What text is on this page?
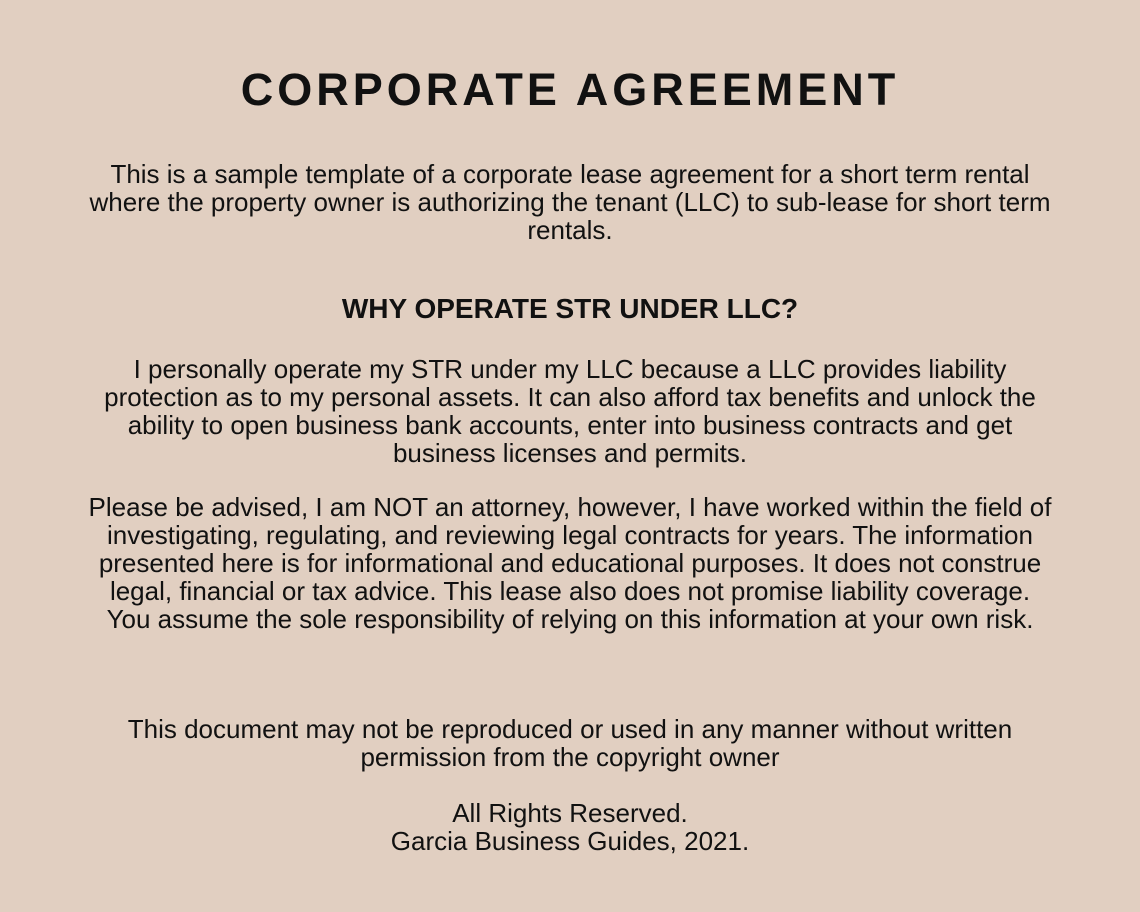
CORPORATE AGREEMENT

This is a sample template of a corporate lease agreement for a short term rental where the property owner is authorizing the tenant (LLC) to sub-lease for short term rentals.

WHY OPERATE STR UNDER LLC?

I personally operate my STR under my LLC because a LLC provides liability protection as to my personal assets. It can also afford tax benefits and unlock the ability to open business bank accounts, enter into business contracts and get business licenses and permits.

Please be advised, I am NOT an attorney, however, I have worked within the field of investigating, regulating, and reviewing legal contracts for years. The information presented here is for informational and educational purposes. It does not construe legal, financial or tax advice. This lease also does not promise liability coverage. You assume the sole responsibility of relying on this information at your own risk.

This document may not be reproduced or used in any manner without written permission from the copyright owner

All Rights Reserved.

Garcia Business Guides, 2021.
